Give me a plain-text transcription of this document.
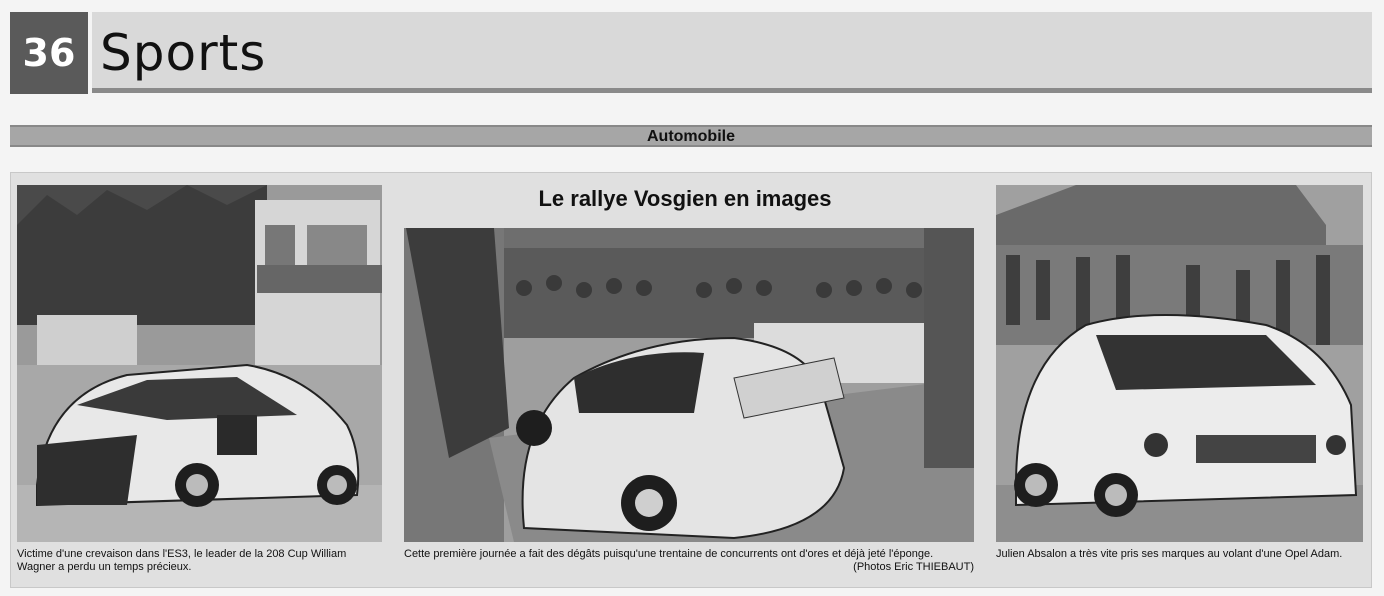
36 Sports
Automobile
Le rallye Vosgien en images
Victime d'une crevaison dans l'ES3, le leader de la 208 Cup William Wagner a perdu un temps précieux.
Cette première journée a fait des dégâts puisqu'une trentaine de concurrents ont d'ores et déjà jeté l'éponge.
(Photos Eric THIEBAUT)
Julien Absalon a très vite pris ses marques au volant d'une Opel Adam.
